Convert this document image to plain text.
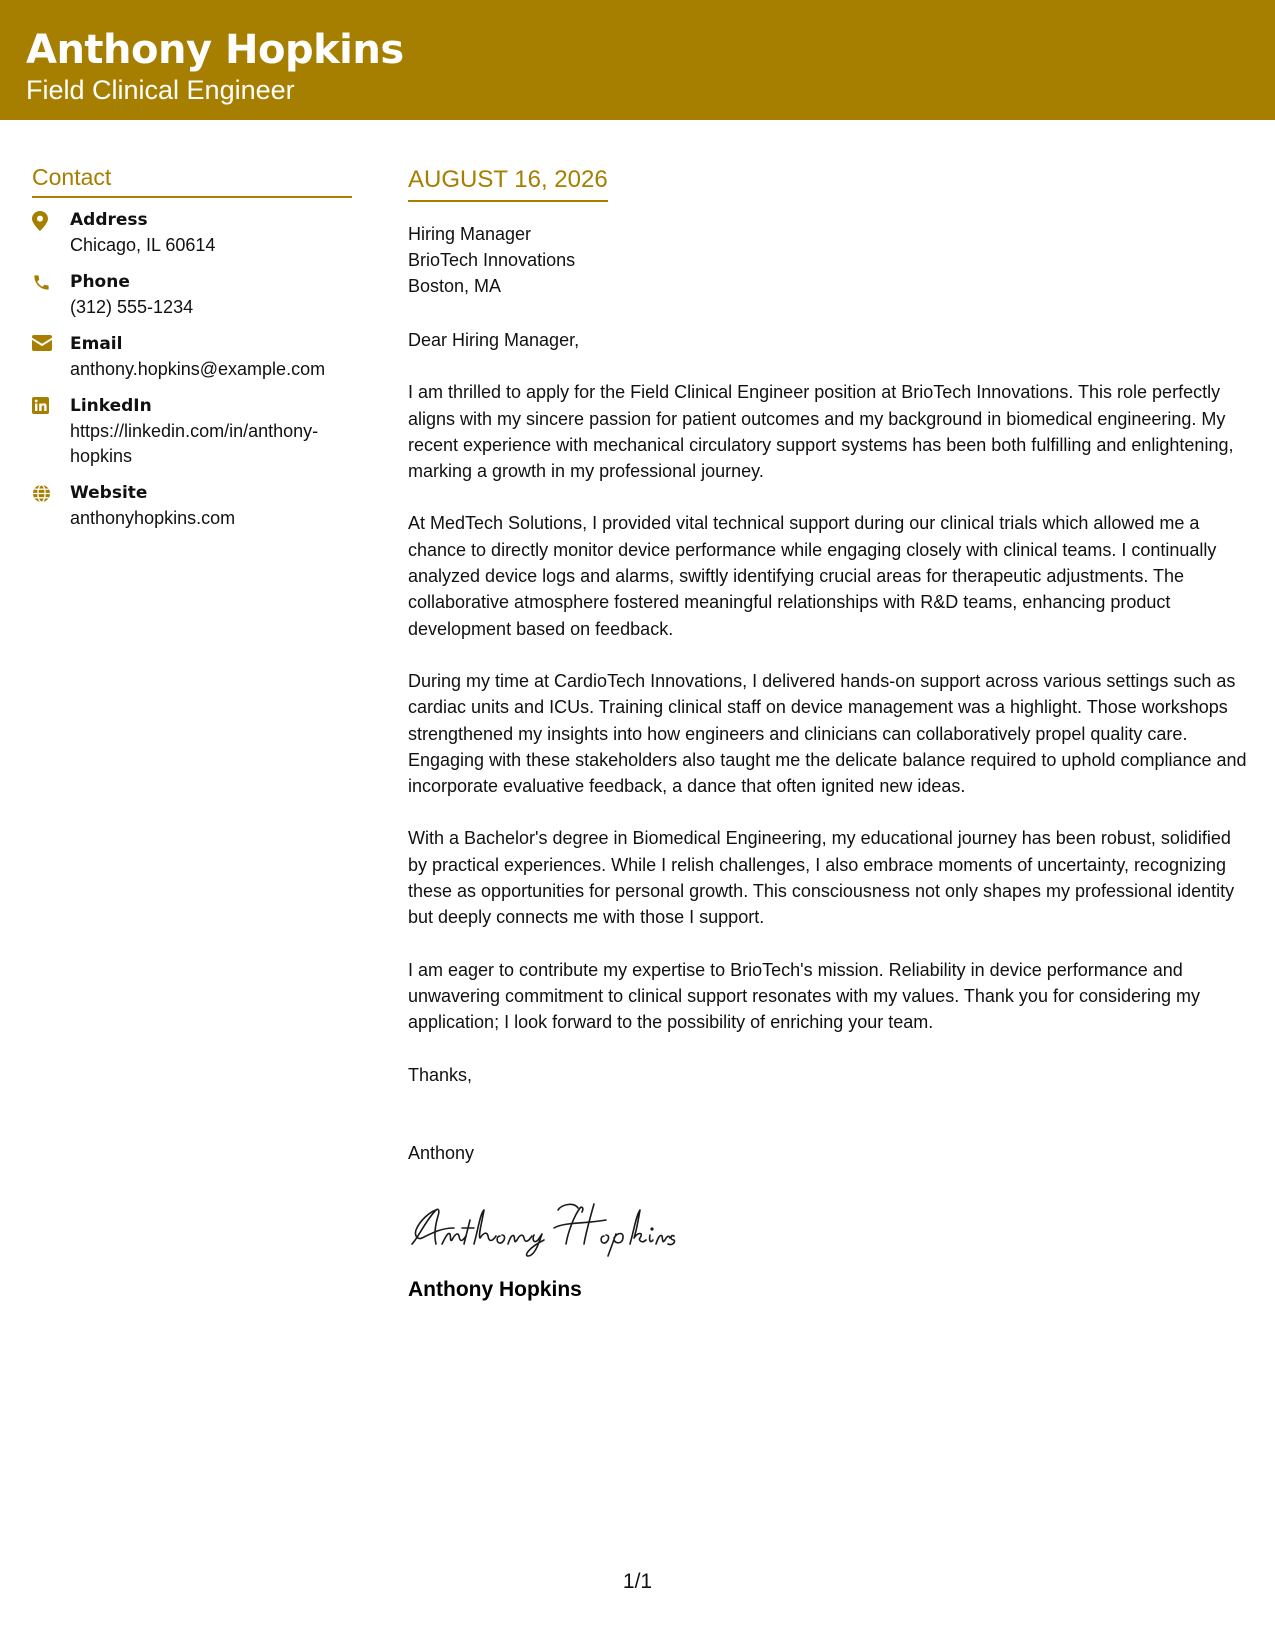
Anthony Hopkins
Field Clinical Engineer
Contact
Address
Chicago, IL 60614
Phone
(312) 555-1234
Email
anthony.hopkins@example.com
LinkedIn
https://linkedin.com/in/anthony-hopkins
Website
anthonyhopkins.com
AUGUST 16, 2026
Hiring Manager
BrioTech Innovations
Boston, MA
Dear Hiring Manager,
I am thrilled to apply for the Field Clinical Engineer position at BrioTech Innovations. This role perfectly aligns with my sincere passion for patient outcomes and my background in biomedical engineering. My recent experience with mechanical circulatory support systems has been both fulfilling and enlightening, marking a growth in my professional journey.
At MedTech Solutions, I provided vital technical support during our clinical trials which allowed me a chance to directly monitor device performance while engaging closely with clinical teams. I continually analyzed device logs and alarms, swiftly identifying crucial areas for therapeutic adjustments. The collaborative atmosphere fostered meaningful relationships with R&D teams, enhancing product development based on feedback.
During my time at CardioTech Innovations, I delivered hands-on support across various settings such as cardiac units and ICUs. Training clinical staff on device management was a highlight. Those workshops strengthened my insights into how engineers and clinicians can collaboratively propel quality care. Engaging with these stakeholders also taught me the delicate balance required to uphold compliance and incorporate evaluative feedback, a dance that often ignited new ideas.
With a Bachelor's degree in Biomedical Engineering, my educational journey has been robust, solidified by practical experiences. While I relish challenges, I also embrace moments of uncertainty, recognizing these as opportunities for personal growth. This consciousness not only shapes my professional identity but deeply connects me with those I support.
I am eager to contribute my expertise to BrioTech's mission. Reliability in device performance and unwavering commitment to clinical support resonates with my values. Thank you for considering my application; I look forward to the possibility of enriching your team.
Thanks,
Anthony
Anthony Hopkins
1/1
